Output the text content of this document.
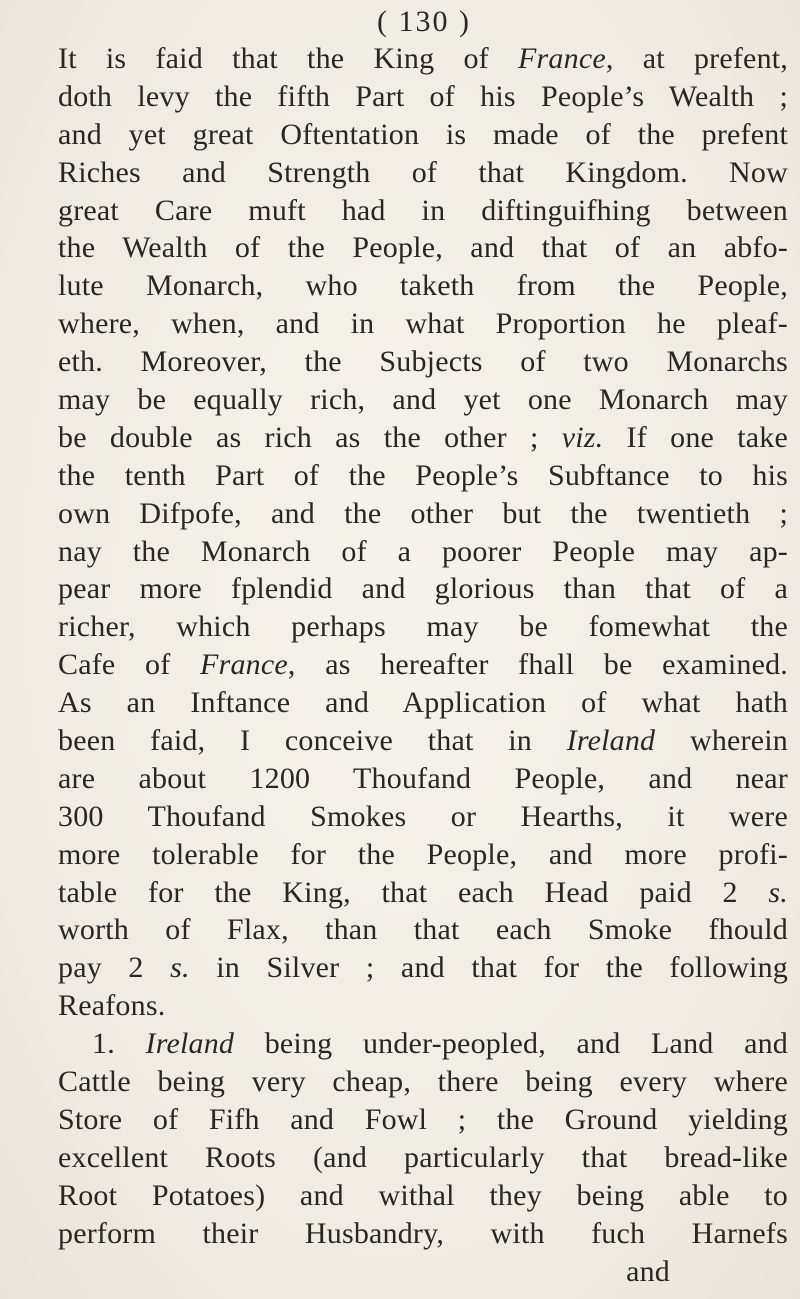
( 130 )
It is faid that the King of France, at prefent,
doth levy the fifth Part of his People’s Wealth ;
and yet great Oftentation is made of the prefent
Riches and Strength of that Kingdom. Now
great Care muft had in diftinguifhing between
the Wealth of the People, and that of an abfo-
lute Monarch, who taketh from the People,
where, when, and in what Proportion he pleaf-
eth. Moreover, the Subjects of two Monarchs
may be equally rich, and yet one Monarch may
be double as rich as the other ; viz. If one take
the tenth Part of the People’s Subftance to his
own Difpofe, and the other but the twentieth ;
nay the Monarch of a poorer People may ap-
pear more fplendid and glorious than that of a
richer, which perhaps may be fomewhat the
Cafe of France, as hereafter fhall be examined.
As an Inftance and Application of what hath
been faid, I conceive that in Ireland wherein
are about 1200 Thoufand People, and near
300 Thoufand Smokes or Hearths, it were
more tolerable for the People, and more profi-
table for the King, that each Head paid 2 s.
worth of Flax, than that each Smoke fhould
pay 2 s. in Silver ; and that for the following
Reafons.
1. Ireland being under-peopled, and Land and
Cattle being very cheap, there being every where
Store of Fifh and Fowl ; the Ground yielding
excellent Roots (and particularly that bread-like
Root Potatoes) and withal they being able to
perform their Husbandry, with fuch Harnefs
and
